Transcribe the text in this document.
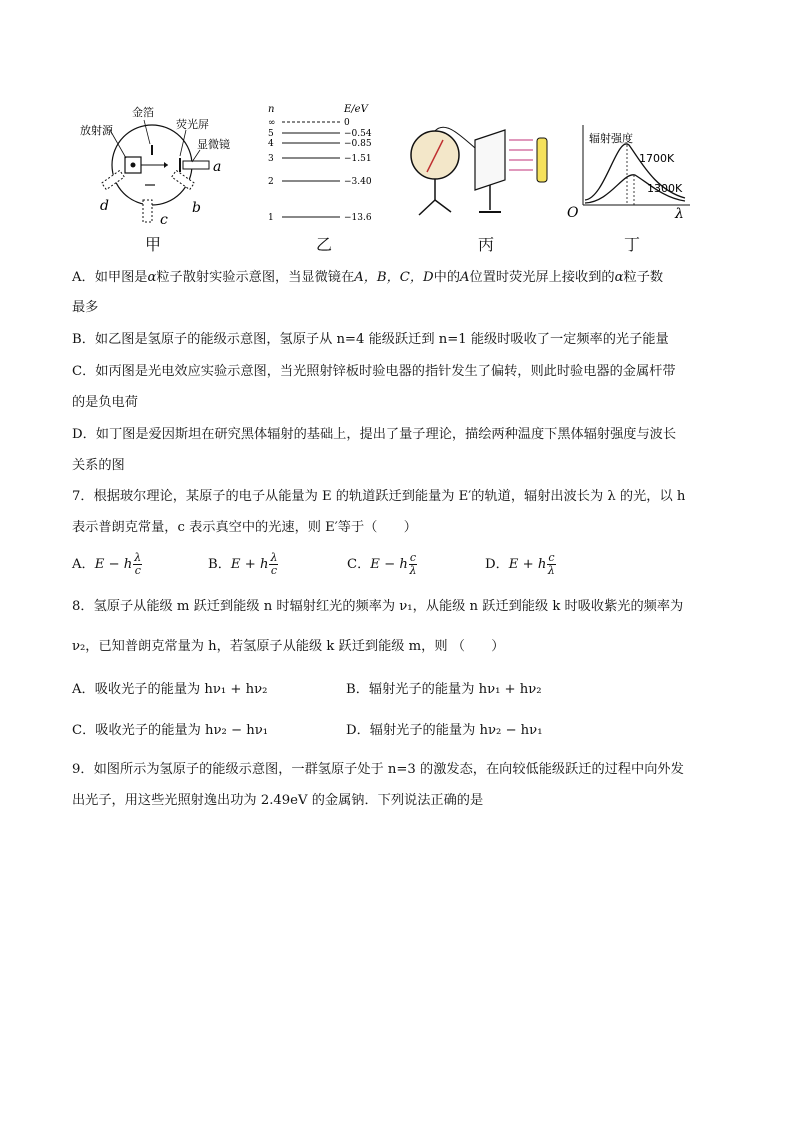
放射源
金箔
荧光屏
显微镜
a
b
c
d
甲
n	E/eV
∞	0
5	−0.54
4	−0.85
3	−1.51
2	−3.40
1	−13.6
乙	丙
辐射强度
O	λ
1700K
1300K
丁
A．如甲图是α粒子散射实验示意图，当显微镜在A，B，C，D中的A位置时荧光屏上接收到的α粒子数
最多
B．如乙图是氢原子的能级示意图，氢原子从 n=4 能级跃迁到 n=1 能级时吸收了一定频率的光子能量
C．如丙图是光电效应实验示意图，当光照射锌板时验电器的指针发生了偏转，则此时验电器的金属杆带
的是负电荷
D．如丁图是爱因斯坦在研究黑体辐射的基础上，提出了量子理论，描绘两种温度下黑体辐射强度与波长
关系的图
7．根据玻尔理论，某原子的电子从能量为 E 的轨道跃迁到能量为 E′的轨道，辐射出波长为 λ 的光，以 h
表示普朗克常量，c 表示真空中的光速，则 E′等于（　　）
A．E − h $\frac{\lambda}{c}$	B．E + h $\frac{\lambda}{c}$	C．E − h $\frac{c}{\lambda}$	D．E + h $\frac{c}{\lambda}$
8．氢原子从能级 m 跃迁到能级 n 时辐射红光的频率为 ν₁，从能级 n 跃迁到能级 k 时吸收紫光的频率为
ν₂，已知普朗克常量为 h，若氢原子从能级 k 跃迁到能级 m，则 （　　）
A．吸收光子的能量为 hν₁ + hν₂	B．辐射光子的能量为 hν₁ + hν₂
C．吸收光子的能量为 hν₂ − hν₁	D．辐射光子的能量为 hν₂ − hν₁
9．如图所示为氢原子的能级示意图，一群氢原子处于 n=3 的激发态，在向较低能级跃迁的过程中向外发
出光子，用这些光照射逸出功为 2.49eV 的金属钠．下列说法正确的是
